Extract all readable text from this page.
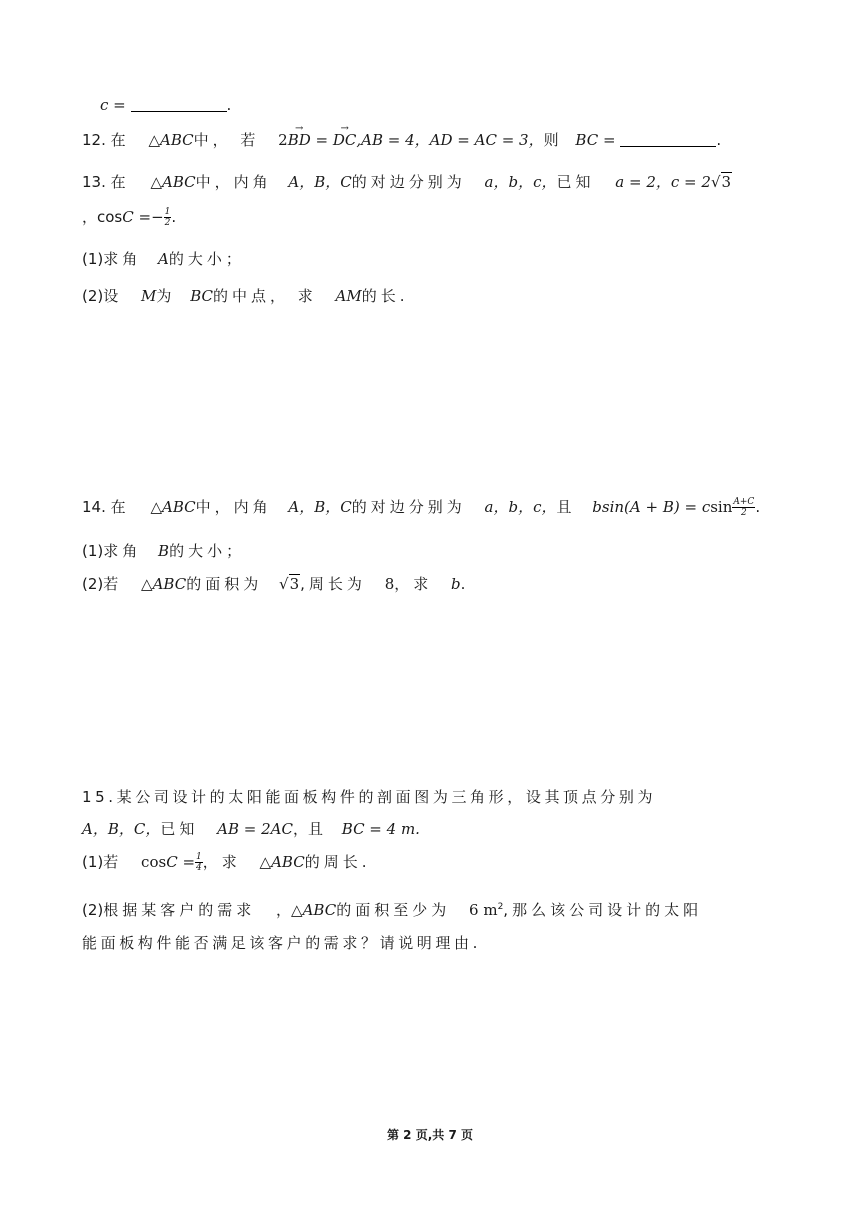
c =	.
12. 在 △ABC中， 若 2
→
BD =
→
DC,AB = 4，AD = AC = 3，则 BC =	.
13. 在 △ABC中，内角 A，B，C的对边分别为 a，b，c，已知 a = 2，c = 2√3
，$\cos C =- \frac{1}{2}$ .
(1)求角 A的大小；
(2)设 M为 BC的中点， 求 AM的长.
14. 在 △ABC中，内角 A，B，C的对边分别为 a，b，c，且 bsin(A + B) = csin $\frac{A+C}{2}$ .
(1)求角 B的大小；
(2)若 △ABC的面积为 √3,周长为 8，求 b.
15.某公司设计的太阳能面板构件的剖面图为三角形，设其顶点分别为
A，B，C，已知 AB = 2AC，且 BC = 4 m.
(1)若 $\cos C = \frac{1}{4}$ ，求 △ABC的周长.
(2)根据某客户的需求 ，△ABC的面积至少为 6 $m^2$,那么该公司设计的太阳
能面板构件能否满足该客户的需求？请说明理由.
第 2 页,共 7 页
